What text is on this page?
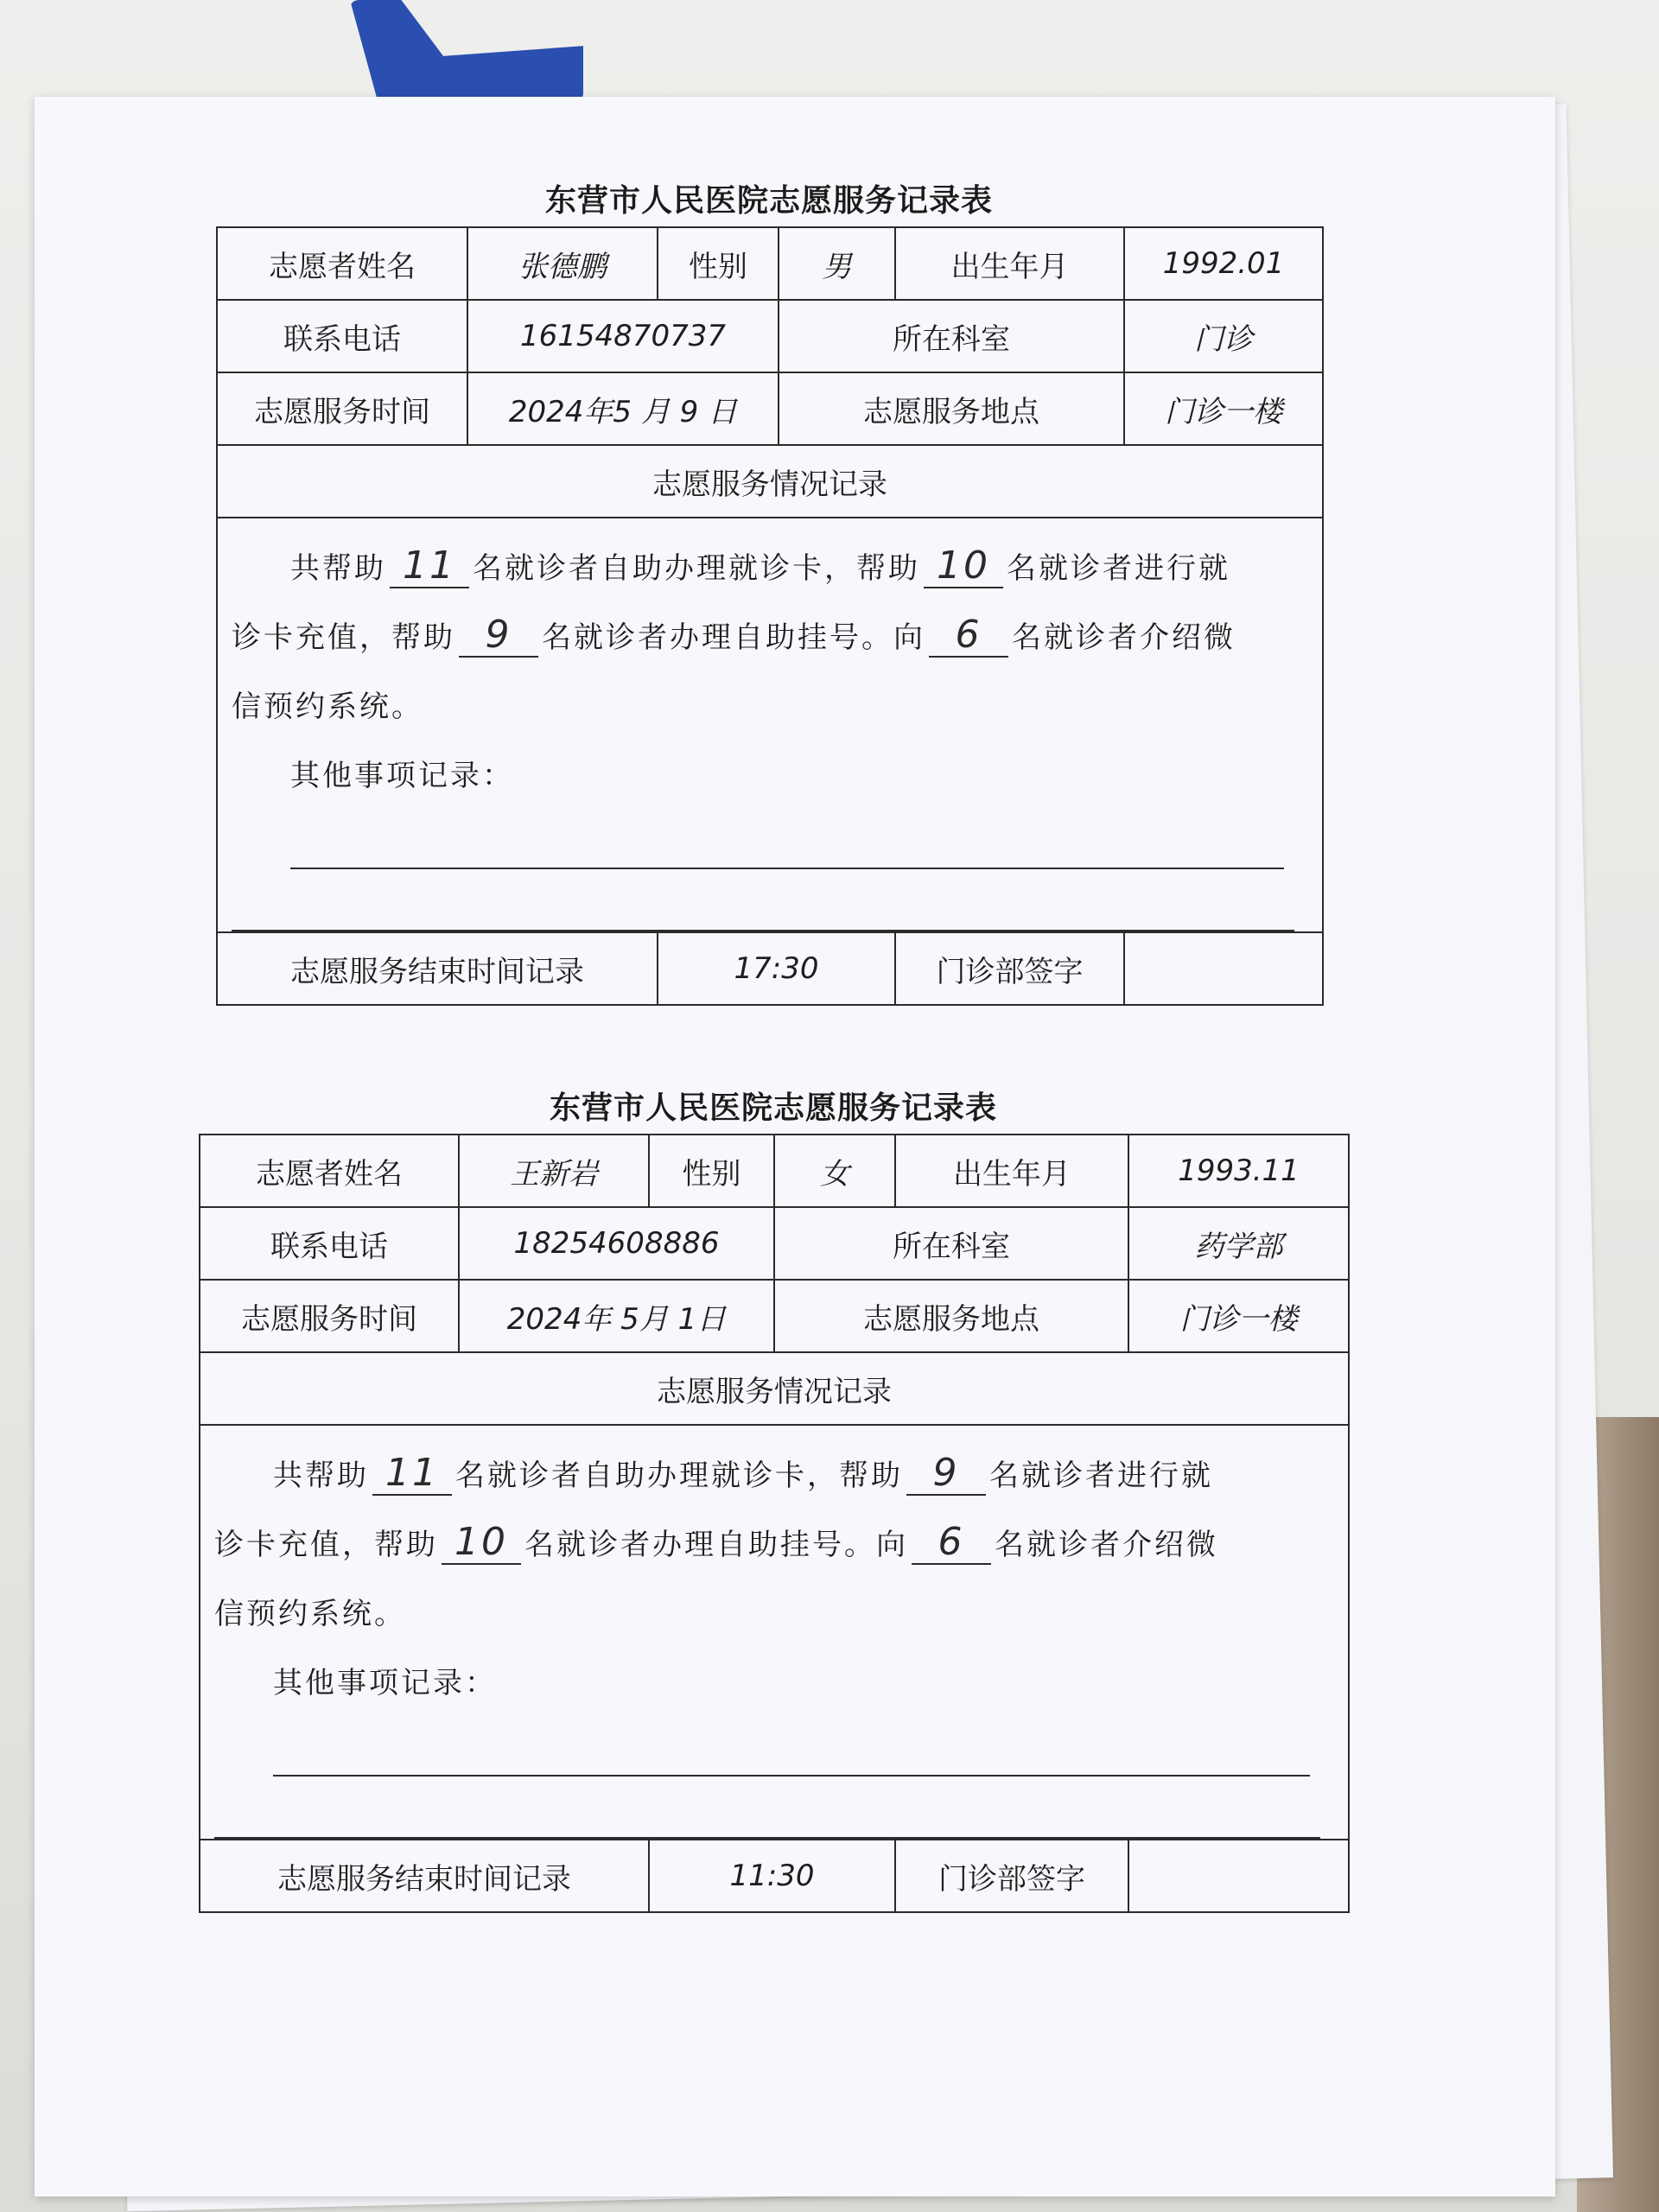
东营市人民医院志愿服务记录表
志愿者姓名	张德鹏	性别	男	出生年月	1992.01
联系电话	16154870737		所在科室		门诊
志愿服务时间	2024年5 月 9 日		志愿服务地点		门诊一楼
志愿服务情况记录					

共帮助 11 名就诊者自助办理就诊卡，帮助 10 名就诊者进行就
诊卡充值，帮助 9 名就诊者办理自助挂号。向 6 名就诊者介绍微
信预约系统。
其他事项记录：					

志愿服务结束时间记录		17:30		门诊部签字	
东营市人民医院志愿服务记录表
志愿者姓名	王新岩	性别	女	出生年月	1993.11
联系电话	18254608886		所在科室		药学部
志愿服务时间	2024年 5月 1日		志愿服务地点		门诊一楼
志愿服务情况记录					

共帮助 11 名就诊者自助办理就诊卡，帮助 9 名就诊者进行就
诊卡充值，帮助 10 名就诊者办理自助挂号。向 6 名就诊者介绍微
信预约系统。
其他事项记录：					

志愿服务结束时间记录		11:30		门诊部签字	
